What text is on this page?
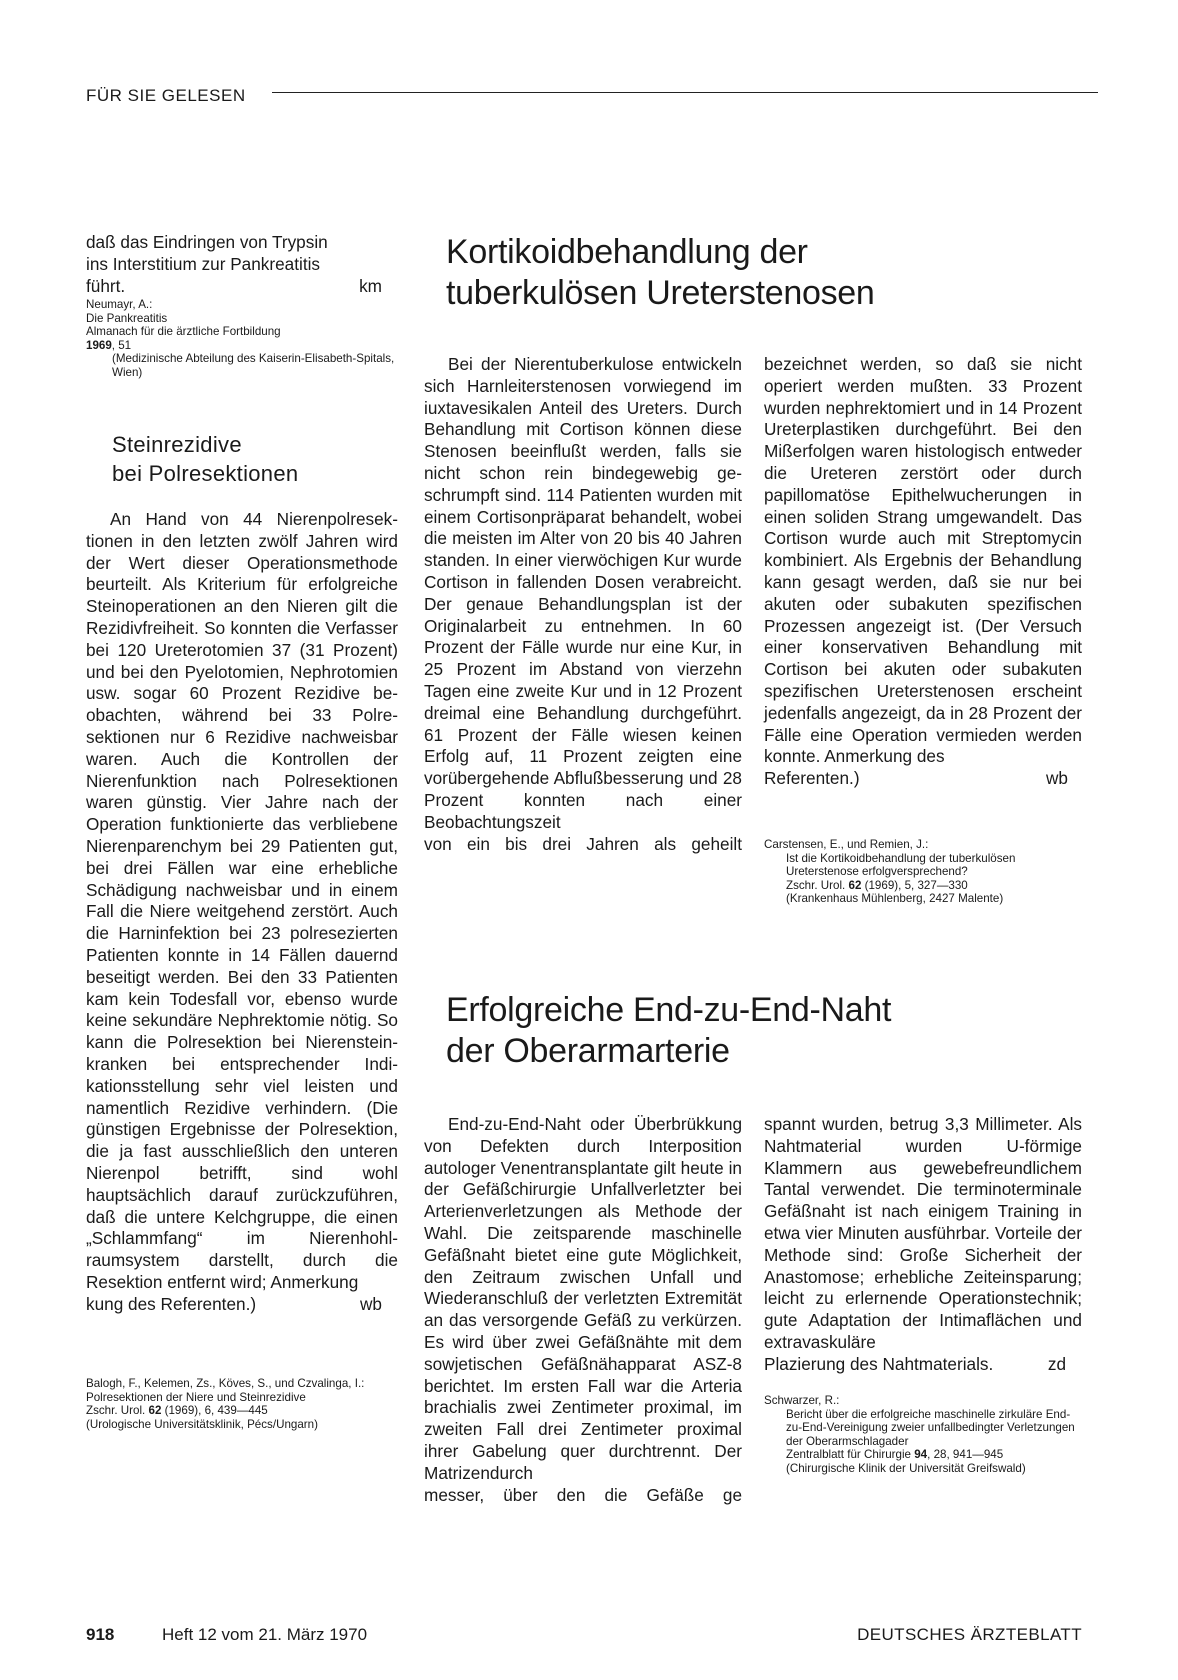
FÜR SIE GELESEN

daß das Eindringen von Trypsin

ins Interstitium zur Pankreatitis

führt.	km

Neumayr, A.:

Die Pankreatitis

Almanach für die ärztliche Fortbildung

1969, 51

(Medizinische Abteilung des Kaiserin-Elisabeth-Spitals, Wien)

Steinrezidive

bei Polresektionen

An Hand von 44 Nierenpolresektionen in den letzten zwölf Jahren wird der Wert dieser Operationsmethode beurteilt. Als Kriterium für erfolgreiche Steinoperationen an den Nieren gilt die Rezidivfreiheit. So konnten die Verfasser bei 120 Ureterotomien 37 (31 Prozent) und bei den Pyelotomien, Nephrotomien usw. sogar 60 Prozent Rezidive beobachten, während bei 33 Polresektionen nur 6 Rezidive nachweisbar waren. Auch die Kontrollen der Nierenfunktion nach Polresektionen waren günstig. Vier Jahre nach der Operation funktionierte das verbliebene Nierenparenchym bei 29 Patienten gut, bei drei Fällen war eine erhebliche Schädigung nachweisbar und in einem Fall die Niere weitgehend zerstört. Auch die Harninfektion bei 23 polresezierten Patienten konnte in 14 Fällen dauernd beseitigt werden. Bei den 33 Patienten kam kein Todesfall vor, ebenso wurde keine sekundäre Nephrektomie nötig. So kann die Polresektion bei Nierensteinkranken bei entsprechender Indikationsstellung sehr viel leisten und namentlich Rezidive verhindern. (Die günstigen Ergebnisse der Polresektion, die ja fast ausschließlich den unteren Nierenpol betrifft, sind wohl hauptsächlich darauf zurückzuführen, daß die untere Kelchgruppe, die einen „Schlammfang“ im Nierenhohlraumsystem darstellt, durch die Resektion entfernt wird; Anmerkung

kung des Referenten.)	wb

Balogh, F., Kelemen, Zs., Köves, S., und Czvalinga, I.:

Polresektionen der Niere und Steinrezidive

Zschr. Urol. 62 (1969), 6, 439—445

(Urologische Universitätsklinik, Pécs/Ungarn)

Kortikoidbehandlung der

tuberkulösen Ureterstenosen

Bei der Nierentuberkulose entwickeln sich Harnleiterstenosen vorwiegend im iuxtavesikalen Anteil des Ureters. Durch Behandlung mit Cortison können diese Stenosen beeinflußt werden, falls sie nicht schon rein bindegewebig geschrumpft sind. 114 Patienten wurden mit einem Cortisonpräparat behandelt, wobei die meisten im Alter von 20 bis 40 Jahren standen. In einer vierwöchigen Kur wurde Cortison in fallenden Dosen verabreicht. Der genaue Behandlungsplan ist der Originalarbeit zu entnehmen. In 60 Prozent der Fälle wurde nur eine Kur, in 25 Prozent im Abstand von vierzehn Tagen eine zweite Kur und in 12 Prozent dreimal eine Behandlung durchgeführt. 61 Prozent der Fälle wiesen keinen Erfolg auf, 11 Prozent zeigten eine vorübergehende Abflußbesserung und 28 Prozent konnten nach einer Beobachtungszeit

von ein bis drei Jahren als geheilt

bezeichnet werden, so daß sie nicht operiert werden mußten. 33 Prozent wurden nephrektomiert und in 14 Prozent Ureterplastiken durchgeführt. Bei den Mißerfolgen waren histologisch entweder die Ureteren zerstört oder durch papillomatöse Epithelwucherungen in einen soliden Strang umgewandelt. Das Cortison wurde auch mit Streptomycin kombiniert. Als Ergebnis der Behandlung kann gesagt werden, daß sie nur bei akuten oder subakuten spezifischen Prozessen angezeigt ist. (Der Versuch einer konservativen Behandlung mit Cortison bei akuten oder subakuten spezifischen Ureterstenosen erscheint jedenfalls angezeigt, da in 28 Prozent der Fälle eine Operation vermieden werden konnte. Anmerkung des

Referenten.)	wb

Carstensen, E., und Remien, J.:

Ist die Kortikoidbehandlung der tuberkulösen Ureterstenose erfolgversprechend?

Zschr. Urol. 62 (1969), 5, 327—330

(Krankenhaus Mühlenberg, 2427 Malente)

Erfolgreiche End-zu-End-Naht

der Oberarmarterie

End-zu-End-Naht oder Überbrükkung von Defekten durch Interposition autologer Venentransplantate gilt heute in der Gefäßchirurgie Unfallverletzter bei Arterienverletzungen als Methode der Wahl. Die zeitsparende maschinelle Gefäßnaht bietet eine gute Möglichkeit, den Zeitraum zwischen Unfall und Wiederanschluß der verletzten Extremität an das versorgende Gefäß zu verkürzen. Es wird über zwei Gefäßnähte mit dem sowjetischen Gefäßnähapparat ASZ-8 berichtet. Im ersten Fall war die Arteria brachialis zwei Zentimeter proximal, im zweiten Fall drei Zentimeter proximal ihrer Gabelung quer durchtrennt. Der Matrizendurch

messer, über den die Gefäße ge

spannt wurden, betrug 3,3 Millimeter. Als Nahtmaterial wurden U-förmige Klammern aus gewebefreundlichem Tantal verwendet. Die terminoterminale Gefäßnaht ist nach einigem Training in etwa vier Minuten ausführbar. Vorteile der Methode sind: Große Sicherheit der Anastomose; erhebliche Zeiteinsparung; leicht zu erlernende Operationstechnik; gute Adaptation der Intimaflächen und extravaskuläre

Plazierung des Nahtmaterials.	zd

Schwarzer, R.:

Bericht über die erfolgreiche maschinelle zirkuläre End-zu-End-Vereinigung zweier unfallbedingter Verletzungen der Oberarmschlagader

Zentralblatt für Chirurgie 94, 28, 941—945

(Chirurgische Klinik der Universität Greifswald)

918	Heft 12 vom 21. März 1970	DEUTSCHES ÄRZTEBLATT
